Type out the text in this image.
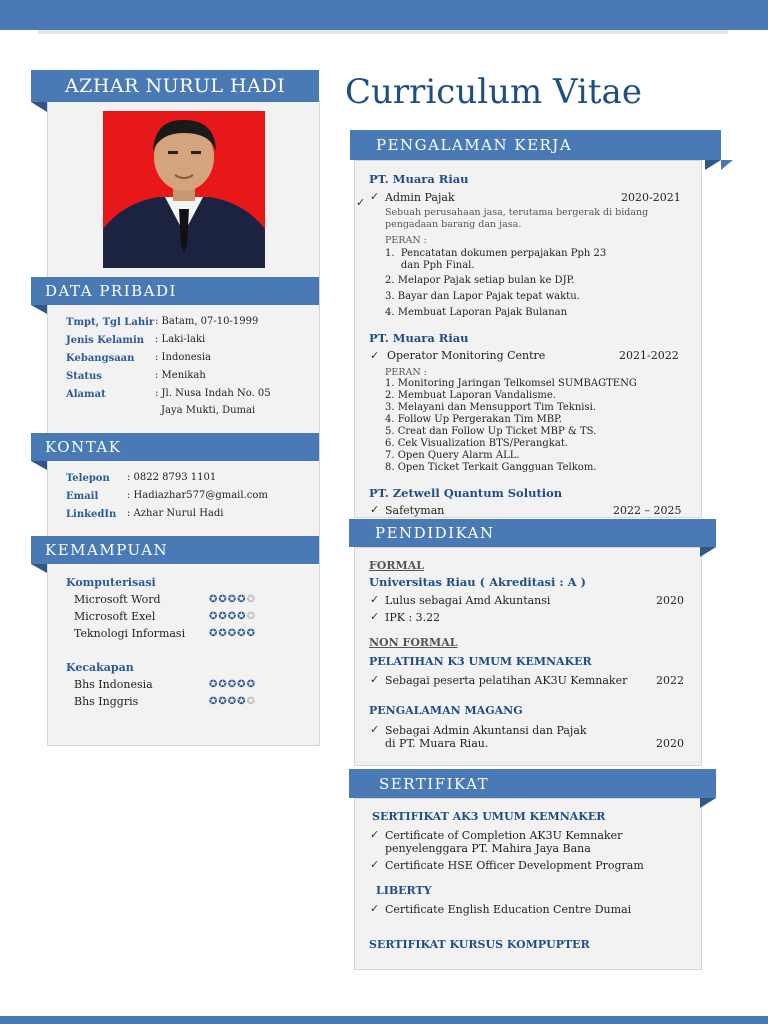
AZHAR NURUL HADI
DATA PRIBADI
Tmpt, Tgl Lahir : Batam, 07-10-1999
Jenis Kelamin : Laki-laki
Kebangsaan : Indonesia
Status	: Menikah
Alamat	: Jl. Nusa Indah No. 05
Jaya Mukti, Dumai
KONTAK
Telepon : 0822 8793 1101
Email	: Hadiazhar577@gmail.com
LinkedIn : Azhar Nurul Hadi
KEMAMPUAN
Komputerisasi
Microsoft Word	✪✪✪✪✪
Microsoft Exel	✪✪✪✪✪
Teknologi Informasi ✪✪✪✪✪
Kecakapan
Bhs Indonesia	✪✪✪✪✪
Bhs Inggris	✪✪✪✪✪
Curriculum Vitae
PENGALAMAN KERJA
PT. Muara Riau
✓ ✓ Admin Pajak	2020-2021
Sebuah perusahaan jasa, terutama bergerak di bidang
pengadaan barang dan jasa.
PERAN :
1.  Pencatatan dokumen perpajakan Pph 23
dan Pph Final.
2. Melapor Pajak setiap bulan ke DJP.
3. Bayar dan Lapor Pajak tepat waktu.
4. Membuat Laporan Pajak Bulanan
PT. Muara Riau
✓ Operator Monitoring Centre	2021-2022
PERAN :
1. Monitoring Jaringan Telkomsel SUMBAGTENG
2. Membuat Laporan Vandalisme.
3. Melayani dan Mensupport Tim Teknisi.
4. Follow Up Pergerakan Tim MBP.
5. Creat dan Follow Up Ticket MBP & TS.
6. Cek Visualization BTS/Perangkat.
7. Open Query Alarm ALL.
8. Open Ticket Terkait Gangguan Telkom.
PT. Zetwell Quantum Solution
✓ Safetyman	2022 – 2025
PENDIDIKAN
FORMAL
Universitas Riau ( Akreditasi : A )
✓ Lulus sebagai Amd Akuntansi	2020
✓ IPK : 3.22
NON FORMAL
PELATIHAN K3 UMUM KEMNAKER
✓ Sebagai peserta pelatihan AK3U Kemnaker	2022
PENGALAMAN MAGANG
✓ Sebagai Admin Akuntansi dan Pajak
di PT. Muara Riau.	2020
SERTIFIKAT
SERTIFIKAT AK3 UMUM KEMNAKER
✓ Certificate of Completion AK3U Kemnaker
penyelenggara PT. Mahira Jaya Bana
✓ Certificate HSE Officer Development Program
LIBERTY
✓ Certificate English Education Centre Dumai
SERTIFIKAT KURSUS KOMPUPTER
